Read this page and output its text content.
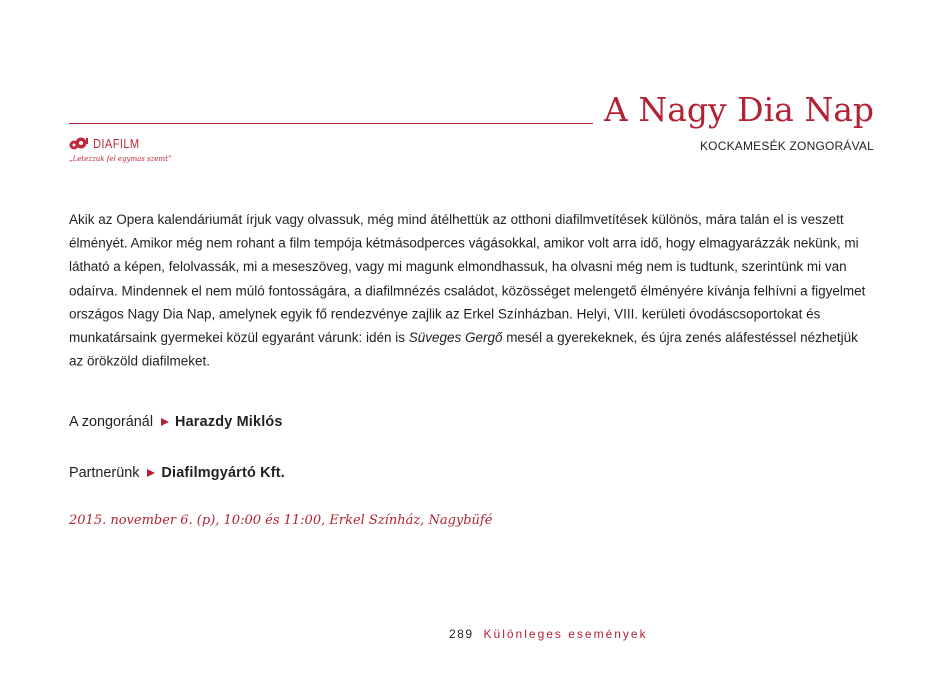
A Nagy Dia Nap
KOCKAMESÉK ZONGORÁVAL
DIAFILM
„Letezzuk fel egymas szemt”

Akik az Opera kalendáriumát írjuk vagy olvassuk, még mind átélhettük az otthoni diafilmvetítések különös, mára talán el is veszett élményét. Amikor még nem rohant a film tempója kétmásodperces vágásokkal, amikor volt arra idő, hogy elmagyarázzák nekünk, mi látható a képen, felolvassák, mi a meseszöveg, vagy mi magunk elmondhassuk, ha olvasni még nem is tudtunk, szerintünk mi van odaírva. Mindennek el nem múló fontosságára, a diafilmnézés családot, közösséget melengető élményére kívánja felhívni a figyelmet országos Nagy Dia Nap, amelynek egyik fő rendezvénye zajlik az Erkel Színházban. Helyi, VIII. kerületi óvodáscsoportokat és munkatársaink gyermekei közül egyaránt várunk: idén is Süveges Gergő mesél a gyerekeknek, és újra zenés aláfestéssel nézhetjük az örökzöld diafilmeket.

A zongoránál Harazdy Miklós
Partnerünk Diafilmgyártó Kft.
2015. november 6. (p), 10:00 és 11:00, Erkel Színház, Nagybüfé
289 Különleges események
